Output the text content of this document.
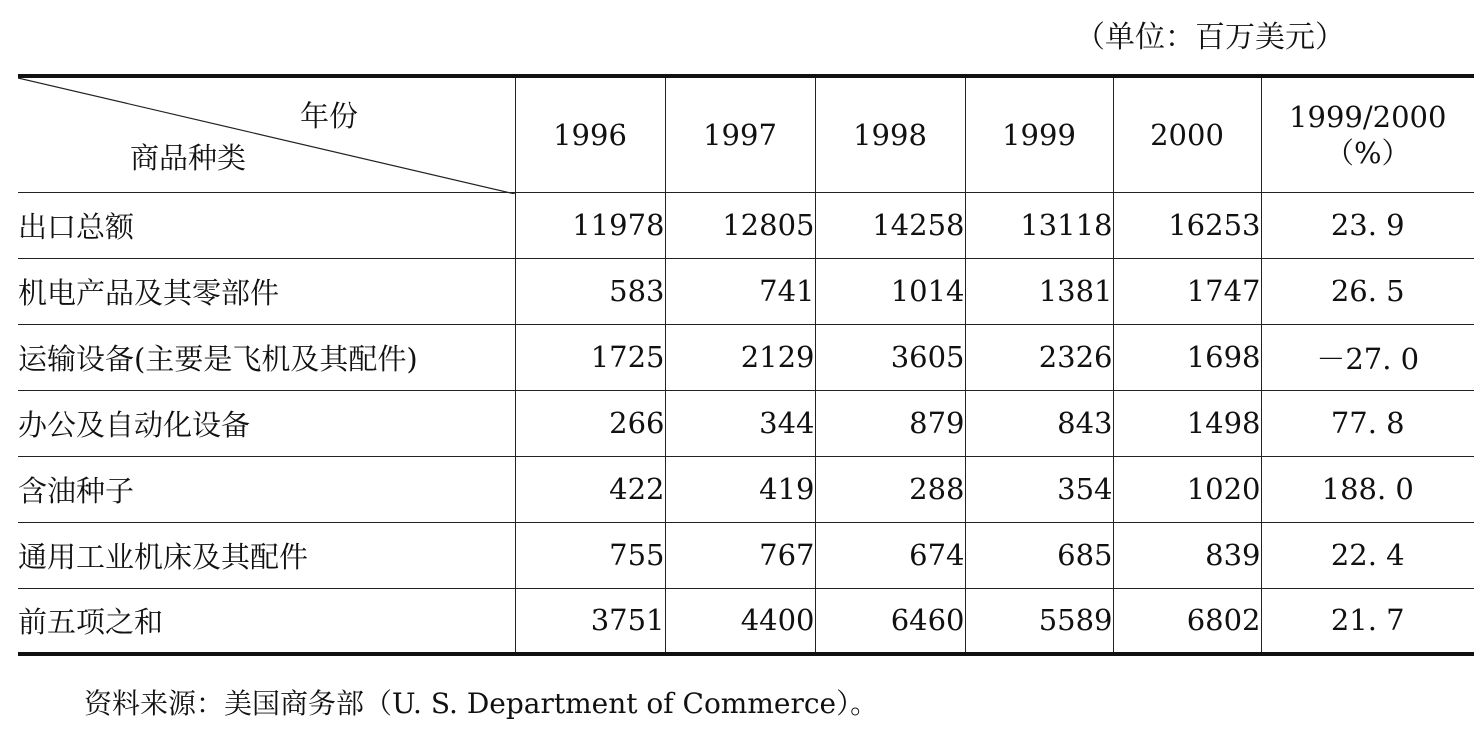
（单位：百万美元）
年份
商品种类	1996	1997	1998	1999	2000	1999/2000
（%）

出口总额	11978	12805	14258	13118	16253	23. 9
机电产品及其零部件	583	741	1014	1381	1747	26. 5
运输设备(主要是飞机及其配件)	1725	2129	3605	2326	1698	－27. 0
办公及自动化设备	266	344	879	843	1498	77. 8
含油种子	422	419	288	354	1020	188. 0
通用工业机床及其配件	755	767	674	685	839	22. 4
前五项之和	3751	4400	6460	5589	6802	21. 7
资料来源：美国商务部（U. S. Department of Commerce）。
